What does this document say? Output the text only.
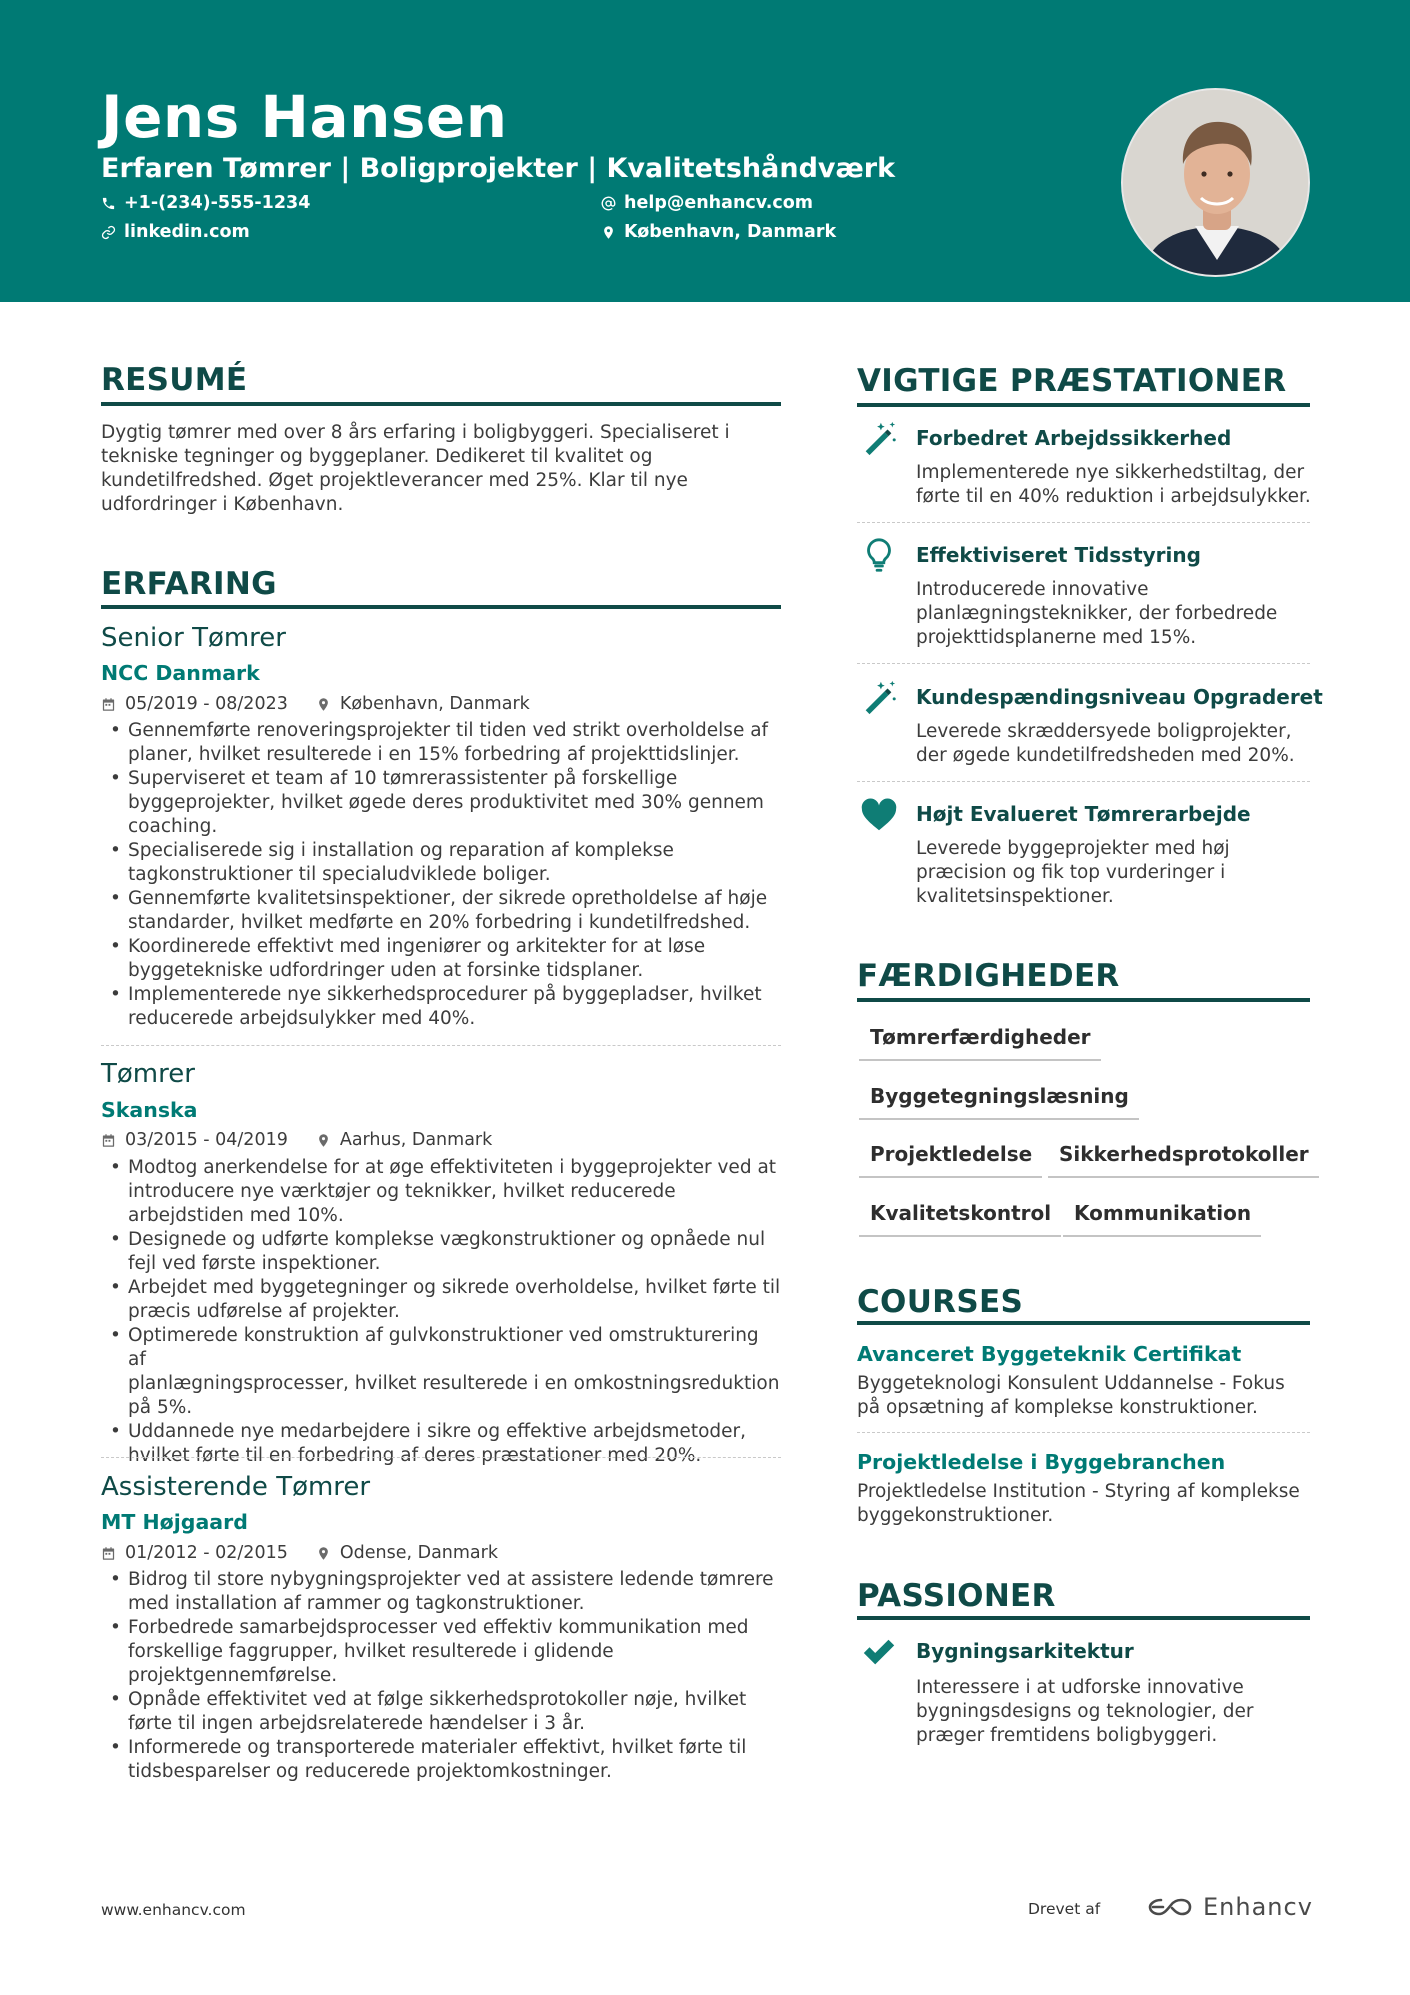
Jens Hansen
Erfaren Tømrer | Boligprojekter | Kvalitetshåndværk
+1-(234)-555-1234	help@enhancv.com
linkedin.com	København, Danmark
RESUMÉ
Dygtig tømrer med over 8 års erfaring i boligbyggeri. Specialiseret i
tekniske tegninger og byggeplaner. Dedikeret til kvalitet og
kundetilfredshed. Øget projektleverancer med 25%. Klar til nye
udfordringer i København.
ERFARING
Senior Tømrer
NCC Danmark
05/2019 - 08/2023	København, Danmark
• Gennemførte renoveringsprojekter til tiden ved strikt overholdelse af
planer, hvilket resulterede i en 15% forbedring af projekttidslinjer.
• Superviseret et team af 10 tømrerassistenter på forskellige
byggeprojekter, hvilket øgede deres produktivitet med 30% gennem
coaching.
• Specialiserede sig i installation og reparation af komplekse
tagkonstruktioner til specialudviklede boliger.
• Gennemførte kvalitetsinspektioner, der sikrede opretholdelse af høje
standarder, hvilket medførte en 20% forbedring i kundetilfredshed.
• Koordinerede effektivt med ingeniører og arkitekter for at løse
byggetekniske udfordringer uden at forsinke tidsplaner.
• Implementerede nye sikkerhedsprocedurer på byggepladser, hvilket
reducerede arbejdsulykker med 40%.
Tømrer
Skanska
03/2015 - 04/2019	Aarhus, Danmark
• Modtog anerkendelse for at øge effektiviteten i byggeprojekter ved at
introducere nye værktøjer og teknikker, hvilket reducerede
arbejdstiden med 10%.
• Designede og udførte komplekse vægkonstruktioner og opnåede nul
fejl ved første inspektioner.
• Arbejdet med byggetegninger og sikrede overholdelse, hvilket førte til
præcis udførelse af projekter.
• Optimerede konstruktion af gulvkonstruktioner ved omstrukturering af
planlægningsprocesser, hvilket resulterede i en omkostningsreduktion
på 5%.
• Uddannede nye medarbejdere i sikre og effektive arbejdsmetoder,
hvilket førte til en forbedring af deres præstationer med 20%.
Assisterende Tømrer
MT Højgaard
01/2012 - 02/2015	Odense, Danmark
• Bidrog til store nybygningsprojekter ved at assistere ledende tømrere
med installation af rammer og tagkonstruktioner.
• Forbedrede samarbejdsprocesser ved effektiv kommunikation med
forskellige faggrupper, hvilket resulterede i glidende
projektgennemførelse.
• Opnåde effektivitet ved at følge sikkerhedsprotokoller nøje, hvilket
førte til ingen arbejdsrelaterede hændelser i 3 år.
• Informerede og transporterede materialer effektivt, hvilket førte til
tidsbesparelser og reducerede projektomkostninger.
VIGTIGE PRÆSTATIONER
Forbedret Arbejdssikkerhed
Implementerede nye sikkerhedstiltag, der
førte til en 40% reduktion i arbejdsulykker.
Effektiviseret Tidsstyring
Introducerede innovative
planlægningsteknikker, der forbedrede
projekttidsplanerne med 15%.
Kundespændingsniveau Opgraderet
Leverede skræddersyede boligprojekter,
der øgede kundetilfredsheden med 20%.
Højt Evalueret Tømrerarbejde
Leverede byggeprojekter med høj
præcision og fik top vurderinger i
kvalitetsinspektioner.
FÆRDIGHEDER
Tømrerfærdigheder
Byggetegningslæsning
Projektledelse	Sikkerhedsprotokoller
Kvalitetskontrol	Kommunikation
COURSES
Avanceret Byggeteknik Certifikat
Byggeteknologi Konsulent Uddannelse - Fokus
på opsætning af komplekse konstruktioner.
Projektledelse i Byggebranchen
Projektledelse Institution - Styring af komplekse
byggekonstruktioner.
PASSIONER
Bygningsarkitektur
Interessere i at udforske innovative
bygningsdesigns og teknologier, der
præger fremtidens boligbyggeri.
www.enhancv.com	Drevet af	Enhancv
